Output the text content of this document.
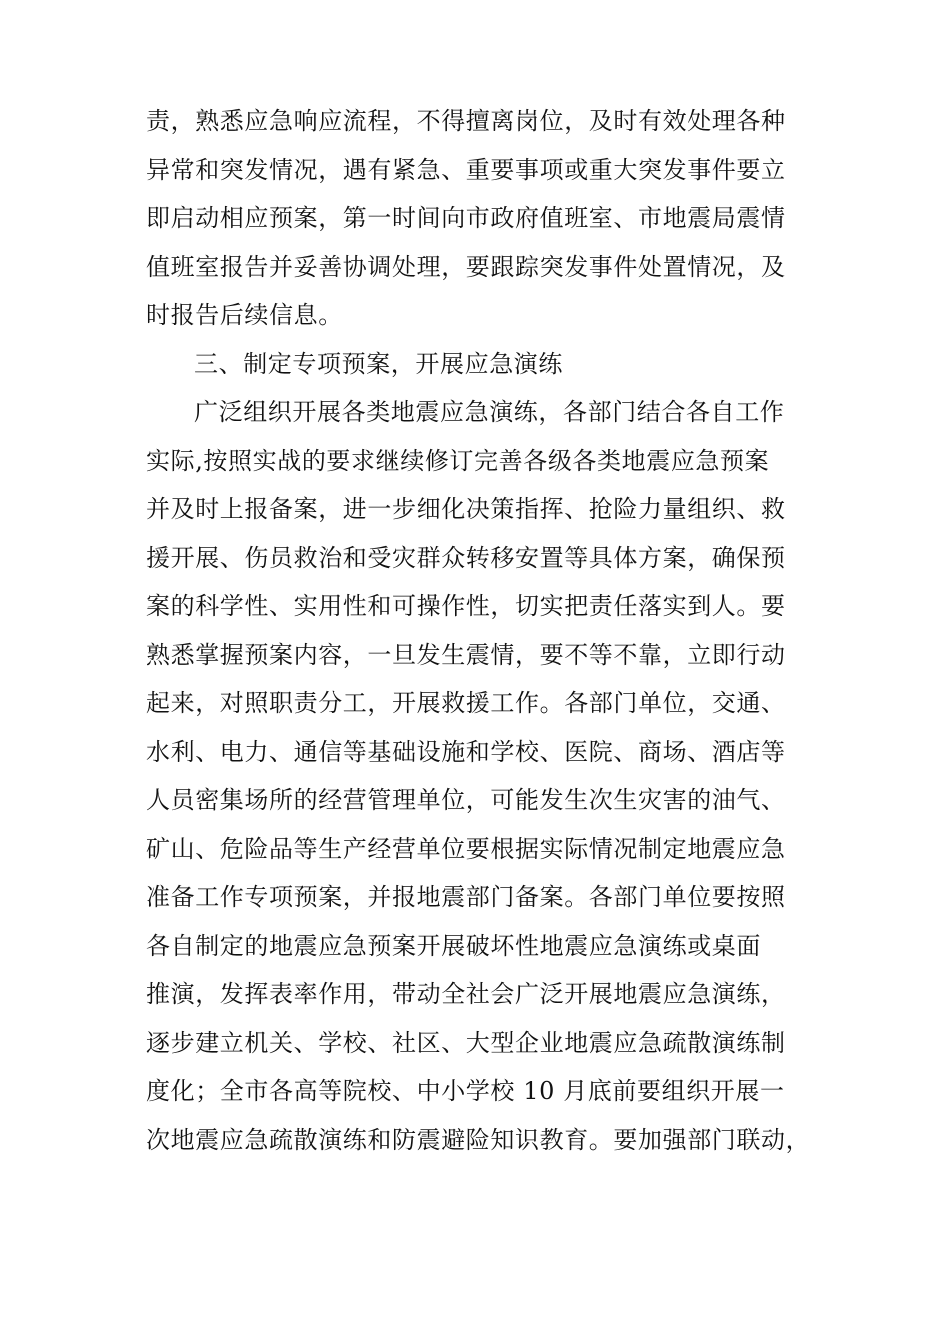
责，熟悉应急响应流程，不得擅离岗位，及时有效处理各种
异常和突发情况，遇有紧急、重要事项或重大突发事件要立
即启动相应预案，第一时间向市政府值班室、市地震局震情
值班室报告并妥善协调处理，要跟踪突发事件处置情况，及
时报告后续信息。
三、制定专项预案，开展应急演练
广泛组织开展各类地震应急演练，各部门结合各自工作
实际,按照实战的要求继续修订完善各级各类地震应急预案
并及时上报备案，进一步细化决策指挥、抢险力量组织、救
援开展、伤员救治和受灾群众转移安置等具体方案，确保预
案的科学性、实用性和可操作性，切实把责任落实到人。要
熟悉掌握预案内容，一旦发生震情，要不等不靠，立即行动
起来，对照职责分工，开展救援工作。各部门单位，交通、
水利、电力、通信等基础设施和学校、医院、商场、酒店等
人员密集场所的经营管理单位，可能发生次生灾害的油气、
矿山、危险品等生产经营单位要根据实际情况制定地震应急
准备工作专项预案，并报地震部门备案。各部门单位要按照
各自制定的地震应急预案开展破坏性地震应急演练或桌面
推演，发挥表率作用，带动全社会广泛开展地震应急演练，
逐步建立机关、学校、社区、大型企业地震应急疏散演练制
度化；全市各高等院校、中小学校 10 月底前要组织开展一
次地震应急疏散演练和防震避险知识教育。要加强部门联动，
